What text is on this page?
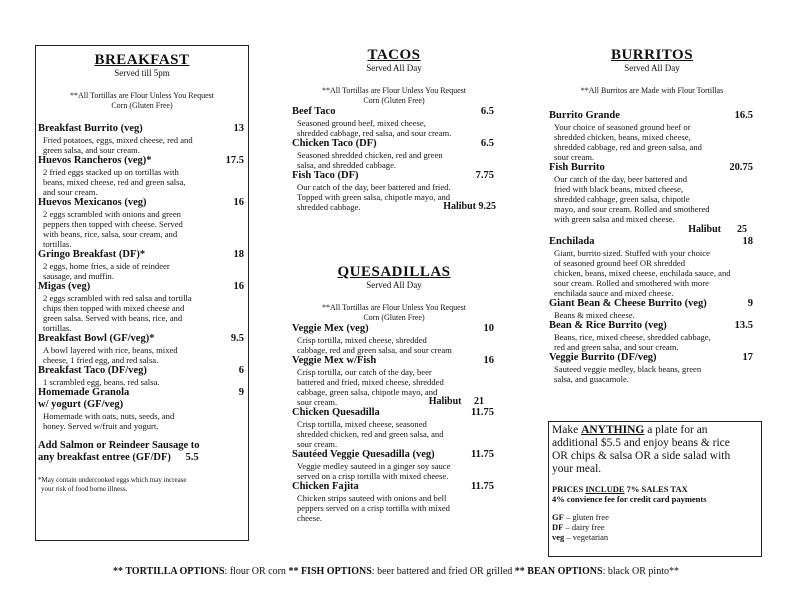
BREAKFAST
Served till 5pm
**All Tortillas are Flour Unless You Request
Corn (Gluten Free)
Breakfast Burrito (veg)	13
Fried potatoes, eggs, mixed cheese, red and
green salsa, and sour cream.
Huevos Rancheros (veg)*	17.5
2 fried eggs stacked up on tortillas with
beans, mixed cheese, red and green salsa,
and sour cream.
Huevos Mexicanos (veg)	16
2 eggs scrambled with onions and green
peppers then topped with cheese. Served
with beans, rice, salsa, sour cream, and
tortillas.
Gringo Breakfast (DF)*	18
2 eggs, home fries, a side of reindeer
sausage, and muffin.
Migas (veg)	16
2 eggs scrambled with red salsa and tortilla
chips then topped with mixed cheese and
green salsa. Served with beans, rice, and
tortillas.
Breakfast Bowl (GF/veg)*	9.5
A bowl layered with rice, beans, mixed
cheese, 1 fried egg, and red salsa.
Breakfast Taco (DF/veg)	6
1 scrambled egg, beans, red salsa.
Homemade Granola	9
w/ yogurt (GF/veg)
Homemade with oats, nuts, seeds, and
honey. Served w/fruit and yogurt.
Add Salmon or Reindeer Sausage to
any breakfast entree (GF/DF) 5.5
*May contain undercooked eggs which may increase
your risk of food borne illness.
TACOS
Served All Day
**All Tortillas are Flour Unless You Request
Corn (Gluten Free)
Beef Taco	6.5
Seasoned ground beef, mixed cheese,
shredded cabbage, red salsa, and sour cream.
Chicken Taco (DF)	6.5
Seasoned shredded chicken, red and green
salsa, and shredded cabbage.
Fish Taco (DF)	7.75
Our catch of the day, beer battered and fried.
Topped with green salsa, chipotle mayo, and
shredded cabbage.	Halibut 9.25
QUESADILLAS
Served All Day
**All Tortillas are Flour Unless You Request
Corn (Gluten Free)
Veggie Mex (veg)	10
Crisp tortilla, mixed cheese, shredded
cabbage, red and green salsa, and sour cream
Veggie Mex w/Fish	16
Crisp tortilla, our catch of the day, beer
battered and fried, mixed cheese, shredded
cabbage, green salsa, chipotle mayo, and
sour cream.	Halibut 21
Chicken Quesadilla	11.75
Crisp tortilla, mixed cheese, seasoned
shredded chicken, red and green salsa, and
sour cream.
Sautéed Veggie Quesadilla (veg)	11.75
Veggie medley sauteed in a ginger soy sauce
served on a crisp tortilla with mixed cheese.
Chicken Fajita	11.75
Chicken strips sauteed with onions and bell
peppers served on a crisp tortilla with mixed
cheese.
BURRITOS
Served All Day
**All Burritos are Made with Flour Tortillas
Burrito Grande	16.5
Your choice of seasoned ground beef or
shredded chicken, beans, mixed cheese,
shredded cabbage, red and green salsa, and
sour cream.
Fish Burrito	20.75
Our catch of the day, beer battered and
fried with black beans, mixed cheese,
shredded cabbage, green salsa, chipotle
mayo, and sour cream. Rolled and smothered
with green salsa and mixed cheese.
Halibut 25
Enchilada	18
Giant, burrito sized. Stuffed with your choice
of seasoned ground beef OR shredded
chicken, beans, mixed cheese, enchilada sauce, and
sour cream. Rolled and smothered with more
enchilada sauce and mixed cheese.
Giant Bean & Cheese Burrito (veg)	9
Beans & mixed cheese.
Bean & Rice Burrito (veg)	13.5
Beans, rice, mixed cheese, shredded cabbage,
red and green salsa, and sour cream.
Veggie Burrito (DF/veg)	17
Sauteed veggie medley, black beans, green
salsa, and guacamole.
Make ANYTHING a plate for an
additional $5.5 and enjoy beans & rice
OR chips & salsa OR a side salad with
your meal.
PRICES INCLUDE 7% SALES TAX
4% convience fee for credit card payments
GF – gluten free
DF – dairy free
veg – vegetarian
** TORTILLA OPTIONS: flour OR corn ** FISH OPTIONS: beer battered and fried OR grilled ** BEAN OPTIONS: black OR pinto**
